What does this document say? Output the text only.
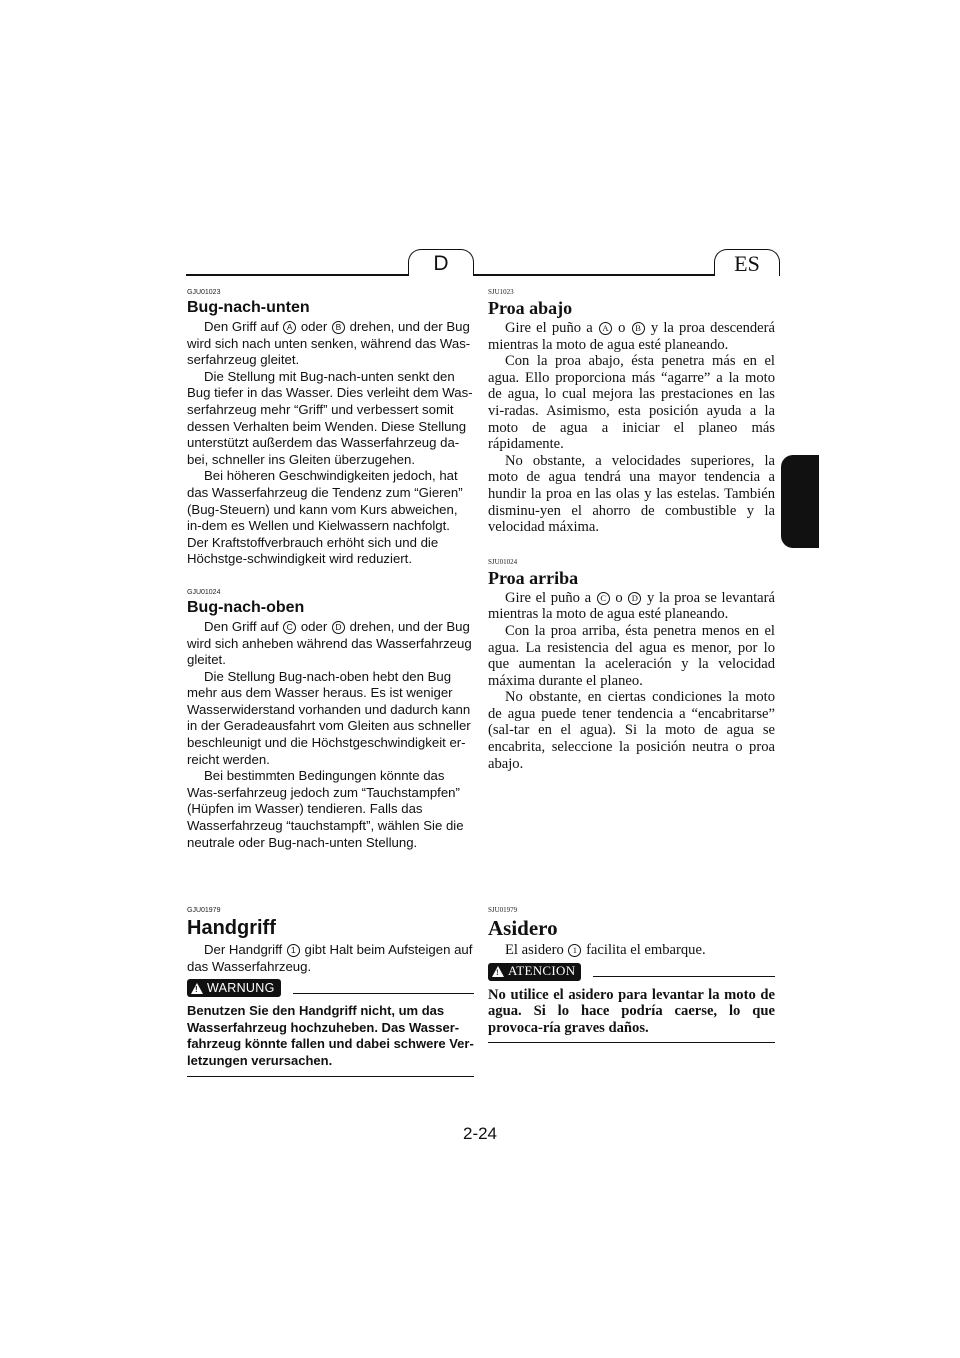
D	ES
GJU01023
Bug-nach-unten

Den Griff auf A oder B drehen, und der Bug wird sich nach unten senken, während das Was-serfahrzeug gleitet.

Die Stellung mit Bug-nach-unten senkt den Bug tiefer in das Wasser. Dies verleiht dem Was-serfahrzeug mehr “Griff” und verbessert somit dessen Verhalten beim Wenden. Diese Stellung unterstützt außerdem das Wasserfahrzeug da-bei, schneller ins Gleiten überzugehen.

Bei höheren Geschwindigkeiten jedoch, hat das Wasserfahrzeug die Tendenz zum “Gieren” (Bug-Steuern) und kann vom Kurs abweichen, in-dem es Wellen und Kielwassern nachfolgt. Der Kraftstoffverbrauch erhöht sich und die Höchstge-schwindigkeit wird reduziert.

GJU01024
Bug-nach-oben

Den Griff auf C oder D drehen, und der Bug wird sich anheben während das Wasserfahrzeug gleitet.

Die Stellung Bug-nach-oben hebt den Bug mehr aus dem Wasser heraus. Es ist weniger Wasserwiderstand vorhanden und dadurch kann in der Geradeausfahrt vom Gleiten aus schneller beschleunigt und die Höchstgeschwindigkeit er-reicht werden.

Bei bestimmten Bedingungen könnte das Was-serfahrzeug jedoch zum “Tauchstampfen” (Hüpfen im Wasser) tendieren. Falls das Wasserfahrzeug “tauchstampft”, wählen Sie die neutrale oder Bug-nach-unten Stellung.

GJU01979
Handgriff

Der Handgriff 1 gibt Halt beim Aufsteigen auf das Wasserfahrzeug.

! WARNUNG
Benutzen Sie den Handgriff nicht, um das Wasserfahrzeug hochzuheben. Das Wasser-fahrzeug könnte fallen und dabei schwere Ver-letzungen verursachen.
SJU1023
Proa abajo

Gire el puño a A o B y la proa descenderá mientras la moto de agua esté planeando.

Con la proa abajo, ésta penetra más en el agua. Ello proporciona más “agarre” a la moto de agua, lo cual mejora las prestaciones en las vi-radas. Asimismo, esta posición ayuda a la moto de agua a iniciar el planeo más rápidamente.

No obstante, a velocidades superiores, la moto de agua tendrá una mayor tendencia a hundir la proa en las olas y las estelas. También disminu-yen el ahorro de combustible y la velocidad máxima.

SJU01024
Proa arriba

Gire el puño a C o D y la proa se levantará mientras la moto de agua esté planeando.

Con la proa arriba, ésta penetra menos en el agua. La resistencia del agua es menor, por lo que aumentan la aceleración y la velocidad máxima durante el planeo.

No obstante, en ciertas condiciones la moto de agua puede tener tendencia a “encabritarse” (sal-tar en el agua). Si la moto de agua se encabrita, seleccione la posición neutra o proa abajo.

SJU01979
Asidero

El asidero 1 facilita el embarque.

! ATENCION
No utilice el asidero para levantar la moto de agua. Si lo hace podría caerse, lo que provoca-ría graves daños.
2-24
